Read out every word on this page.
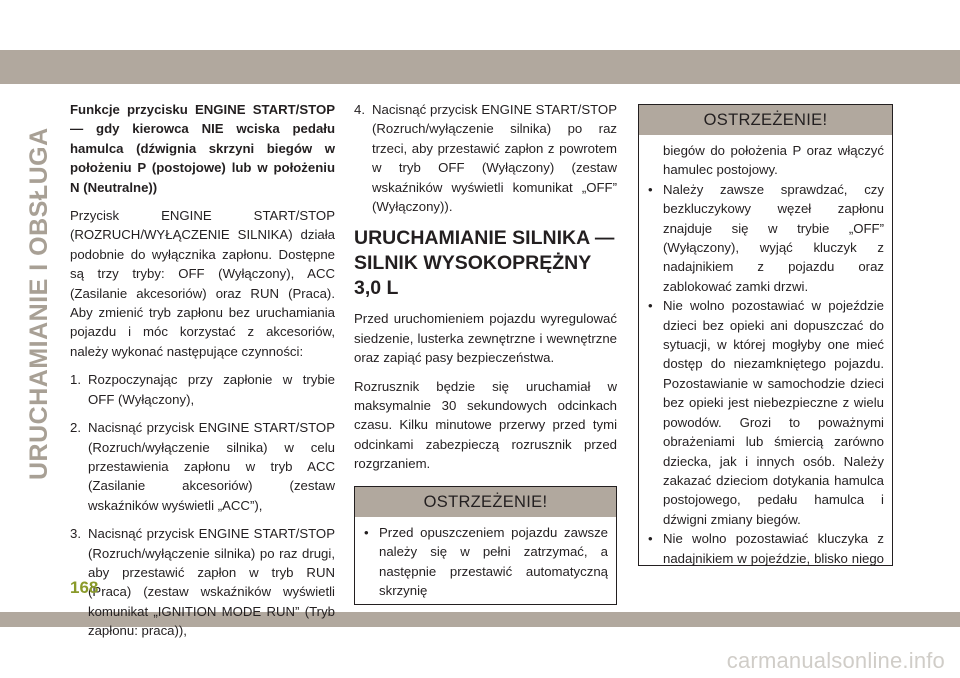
URUCHAMIANIE I OBSŁUGA

Funkcje przycisku ENGINE START/STOP — gdy kierowca NIE wciska pedału hamulca (dźwignia skrzyni biegów w położeniu P (postojowe) lub w położeniu N (Neutralne))

Przycisk ENGINE START/STOP (ROZRUCH/WYŁĄCZENIE SILNIKA) działa podobnie do wyłącznika zapłonu. Dostępne są trzy tryby: OFF (Wyłączony), ACC (Zasilanie akcesoriów) oraz RUN (Praca). Aby zmienić tryb zapłonu bez uruchamiania pojazdu i móc korzystać z akcesoriów, należy wykonać następujące czynności:

1. Rozpoczynając przy zapłonie w trybie OFF (Wyłączony),
2. Nacisnąć przycisk ENGINE START/STOP (Rozruch/wyłączenie silnika) w celu przestawienia zapłonu w tryb ACC (Zasilanie akcesoriów) (zestaw wskaźników wyświetli „ACC”),
3. Nacisnąć przycisk ENGINE START/STOP (Rozruch/wyłączenie silnika) po raz drugi, aby przestawić zapłon w tryb RUN (Praca) (zestaw wskaźników wyświetli komunikat „IGNITION MODE RUN” (Tryb zapłonu: praca)),
4. Nacisnąć przycisk ENGINE START/STOP (Rozruch/wyłączenie silnika) po raz trzeci, aby przestawić zapłon z powrotem w tryb OFF (Wyłączony) (zestaw wskaźników wyświetli komunikat „OFF” (Wyłączony)).
URUCHAMIANIE SILNIKA —
SILNIK WYSOKOPRĘŻNY
3,0 L

Przed uruchomieniem pojazdu wyregulować siedzenie, lusterka zewnętrzne i wewnętrzne oraz zapiąć pasy bezpieczeństwa.

Rozrusznik będzie się uruchamiał w maksymalnie 30 sekundowych odcinkach czasu. Kilku minutowe przerwy przed tymi odcinkami zabezpieczą rozrusznik przed rozgrzaniem.

OSTRZEŻENIE!
• Przed opuszczeniem pojazdu zawsze należy się w pełni zatrzymać, a następnie przestawić automatyczną skrzynię
OSTRZEŻENIE!
biegów do położenia P oraz włączyć hamulec postojowy.
• Należy zawsze sprawdzać, czy bezkluczykowy węzeł zapłonu znajduje się w trybie „OFF” (Wyłączony), wyjąć kluczyk z nadajnikiem z pojazdu oraz zablokować zamki drzwi.
• Nie wolno pozostawiać w pojeździe dzieci bez opieki ani dopuszczać do sytuacji, w której mogłyby one mieć dostęp do niezamkniętego pojazdu. Pozostawianie w samochodzie dzieci bez opieki jest niebezpieczne z wielu powodów. Grozi to poważnymi obrażeniami lub śmiercią zarówno dziecka, jak i innych osób. Należy zakazać dzieciom dotykania hamulca postojowego, pedału hamulca i dźwigni zmiany biegów.
• Nie wolno pozostawiać kluczyka z nadajnikiem w pojeździe, blisko niego
168
carmanualsonline.info
